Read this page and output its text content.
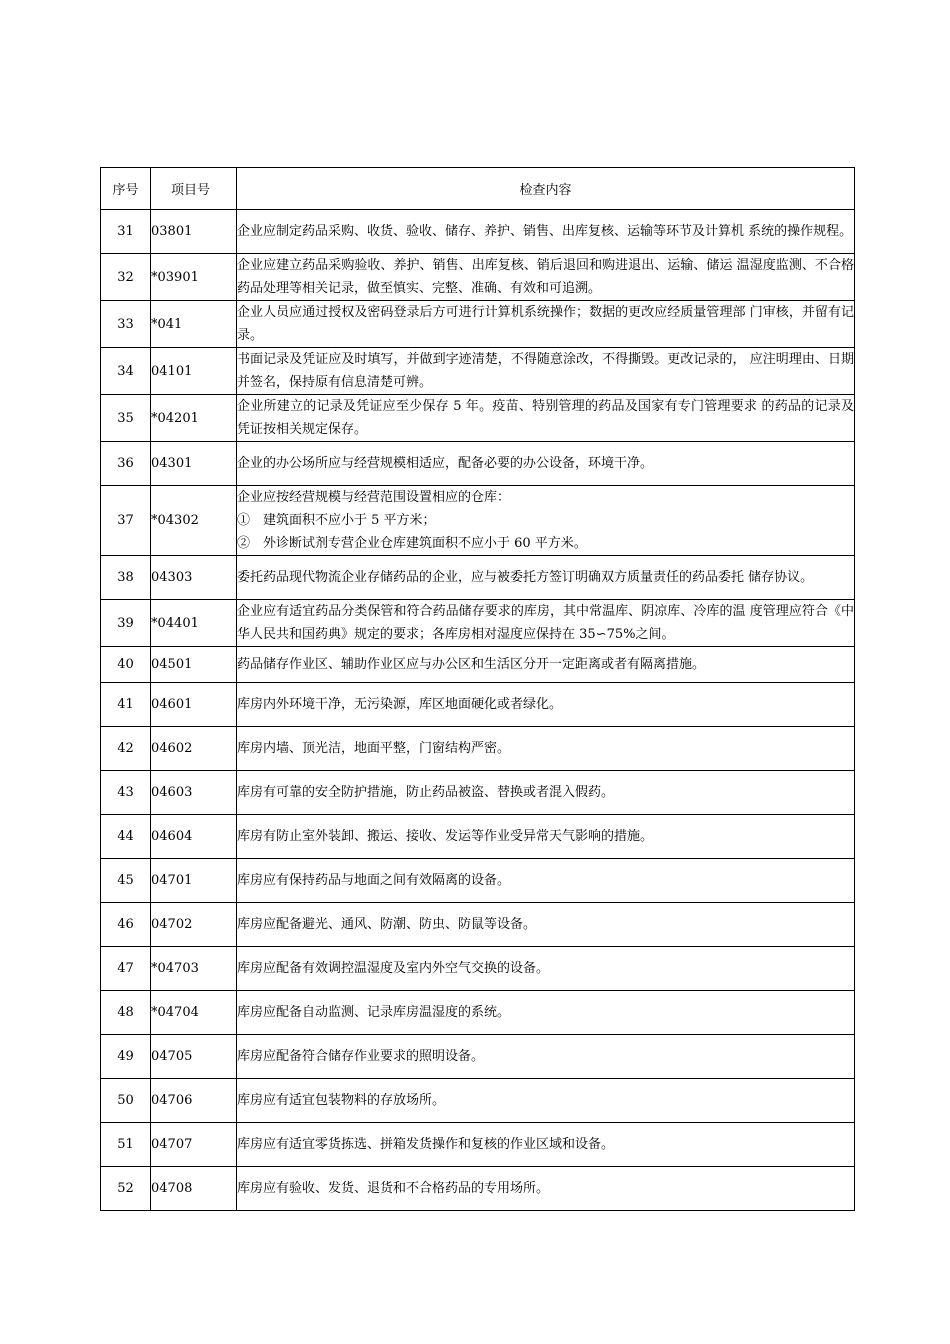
序号	项目号	检查内容
31	03801	企业应制定药品采购、收货、验收、储存、养护、销售、出库复核、运输等环节及计算机 系统的操作规程。
32	*03901	企业应建立药品采购验收、养护、销售、出库复核、销后退回和购进退出、运输、储运 温湿度监测、不合格药品处理等相关记录，做至慎实、完整、准确、有效和可追溯。
33	*041	企业人员应通过授权及密码登录后方可进行计算机系统操作；数据的更改应经质量管理部 门审核，并留有记录。
34	04101	书面记录及凭证应及时填写，并做到字迹清楚，不得随意涂改，不得撕毁。更改记录的， 应注明理由、日期并签名，保持原有信息清楚可辨。
35	*04201	企业所建立的记录及凭证应至少保存 5 年。疫苗、特别管理的药品及国家有专门管理要求 的药品的记录及凭证按相关规定保存。
36	04301	企业的办公场所应与经营规模相适应，配备必要的办公设备，环境干净。
37	*04302	企业应按经营规模与经营范围设置相应的仓库：
①　建筑面积不应小于 5 平方米；
②　外诊断试剂专营企业仓库建筑面积不应小于 60 平方米。

38	04303	委托药品现代物流企业存储药品的企业，应与被委托方签订明确双方质量责任的药品委托 储存协议。
39	*04401	企业应有适宜药品分类保管和符合药品储存要求的库房，其中常温库、阴凉库、冷库的温 度管理应符合《中华人民共和国药典》规定的要求；各库房相对湿度应保持在 35∽75%之间。
40	04501	药品储存作业区、辅助作业区应与办公区和生活区分开一定距离或者有隔离措施。
41	04601	库房内外环境干净，无污染源，库区地面硬化或者绿化。
42	04602	库房内墙、顶光洁，地面平整，门窗结构严密。
43	04603	库房有可靠的安全防护措施，防止药品被盗、替换或者混入假药。
44	04604	库房有防止室外装卸、搬运、接收、发运等作业受异常天气影响的措施。
45	04701	库房应有保持药品与地面之间有效隔离的设备。
46	04702	库房应配备避光、通风、防潮、防虫、防鼠等设备。
47	*04703	库房应配备有效调控温湿度及室内外空气交换的设备。
48	*04704	库房应配备自动监测、记录库房温湿度的系统。
49	04705	库房应配备符合储存作业要求的照明设备。
50	04706	库房应有适宜包装物料的存放场所。
51	04707	库房应有适宜零货拣选、拼箱发货操作和复核的作业区域和设备。
52	04708	库房应有验收、发货、退货和不合格药品的专用场所。
